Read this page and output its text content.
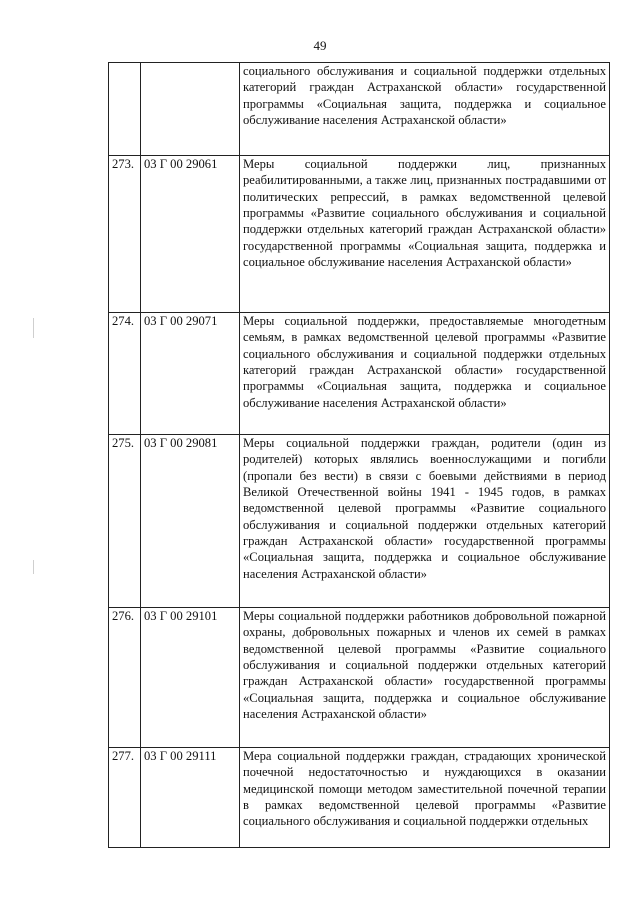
49
		социального обслуживания и социальной поддержки отдельных категорий граждан Астраханской области» государственной программы «Социальная защита, поддержка и социальное обслуживание населения Астраханской области»
273.	03 Г 00 29061	Меры социальной поддержки лиц, признанных реабилитированными, а также лиц, признанных пострадавшими от политических репрессий, в рамках ведомственной целевой программы «Развитие социального обслуживания и социальной поддержки отдельных категорий граждан Астраханской области» государственной программы «Социальная защита, поддержка и социальное обслуживание населения Астраханской области»
274.	03 Г 00 29071	Меры социальной поддержки, предоставляемые многодетным семьям, в рамках ведомственной целевой программы «Развитие социального обслуживания и социальной поддержки отдельных категорий граждан Астраханской области» государственной программы «Социальная защита, поддержка и социальное обслуживание населения Астраханской области»
275.	03 Г 00 29081	Меры социальной поддержки граждан, родители (один из родителей) которых являлись военнослужащими и погибли (пропали без вести) в связи с боевыми действиями в период Великой Отечественной войны 1941 - 1945 годов, в рамках ведомственной целевой программы «Развитие социального обслуживания и социальной поддержки отдельных категорий граждан Астраханской области» государственной программы «Социальная защита, поддержка и социальное обслуживание населения Астраханской области»
276.	03 Г 00 29101	Меры социальной поддержки работников добровольной пожарной охраны, добровольных пожарных и членов их семей в рамках ведомственной целевой программы «Развитие социального обслуживания и социальной поддержки отдельных категорий граждан Астраханской области» государственной программы «Социальная защита, поддержка и социальное обслуживание населения Астраханской области»
277.	03 Г 00 29111	Мера социальной поддержки граждан, страдающих хронической почечной недостаточностью и нуждающихся в оказании медицинской помощи методом заместительной почечной терапии в рамках ведомственной целевой программы «Развитие социального обслуживания и социальной поддержки отдельных
